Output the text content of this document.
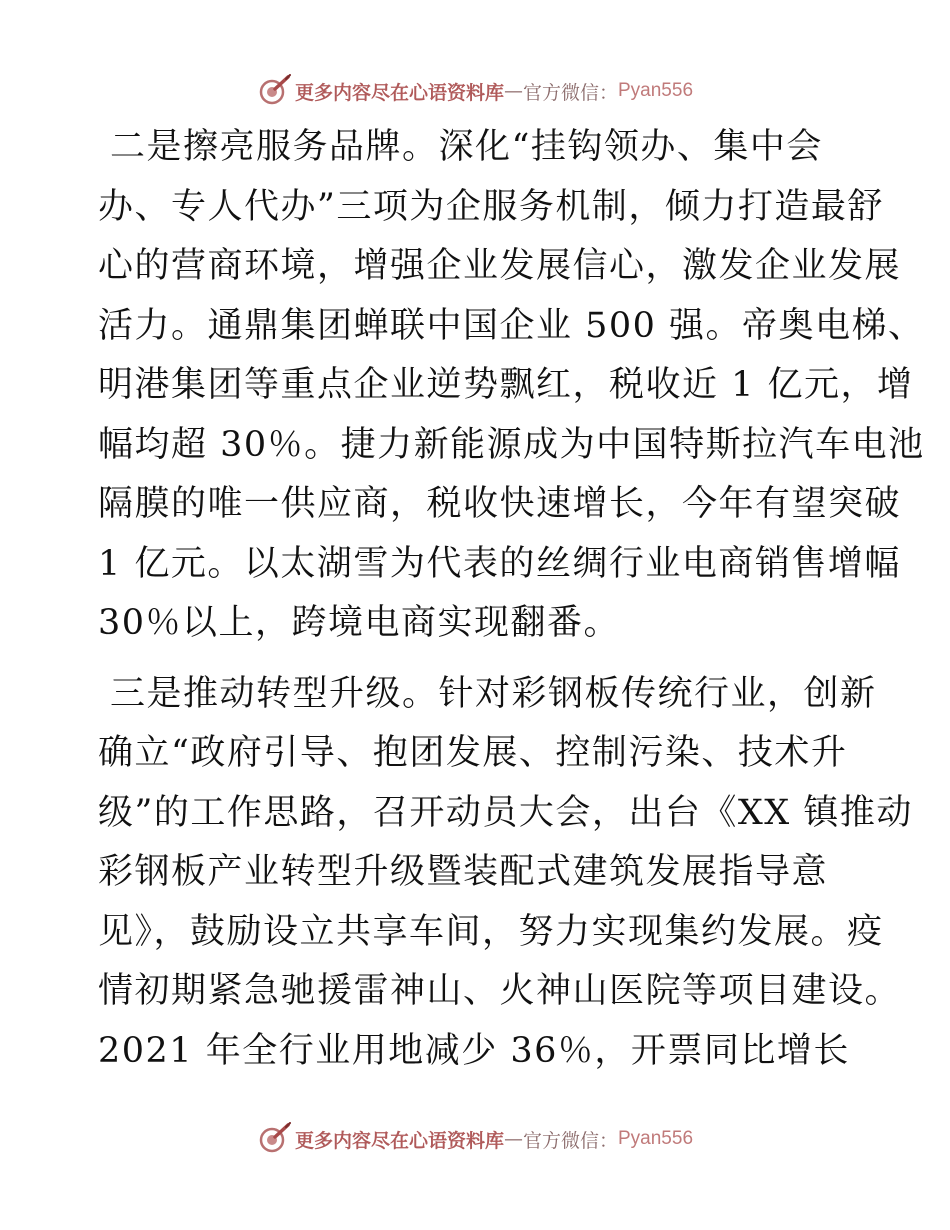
更多内容尽在心语资料库 — 官方微信： Pyan556

二是擦亮服务品牌。深化“挂钩领办、集中会
办、专人代办”三项为企服务机制，倾力打造最舒
心的营商环境，增强企业发展信心，激发企业发展
活力。通鼎集团蝉联中国企业 500 强。帝奥电梯、
明港集团等重点企业逆势飘红，税收近 1 亿元，增
幅均超 30％。捷力新能源成为中国特斯拉汽车电池
隔膜的唯一供应商，税收快速增长，今年有望突破
1 亿元。以太湖雪为代表的丝绸行业电商销售增幅
30％以上，跨境电商实现翻番。

三是推动转型升级。针对彩钢板传统行业，创新
确立“政府引导、抱团发展、控制污染、技术升
级”的工作思路，召开动员大会，出台《XX 镇推动
彩钢板产业转型升级暨装配式建筑发展指导意
见》，鼓励设立共享车间，努力实现集约发展。疫
情初期紧急驰援雷神山、火神山医院等项目建设。
2021 年全行业用地减少 36％，开票同比增长

更多内容尽在心语资料库 — 官方微信： Pyan556
